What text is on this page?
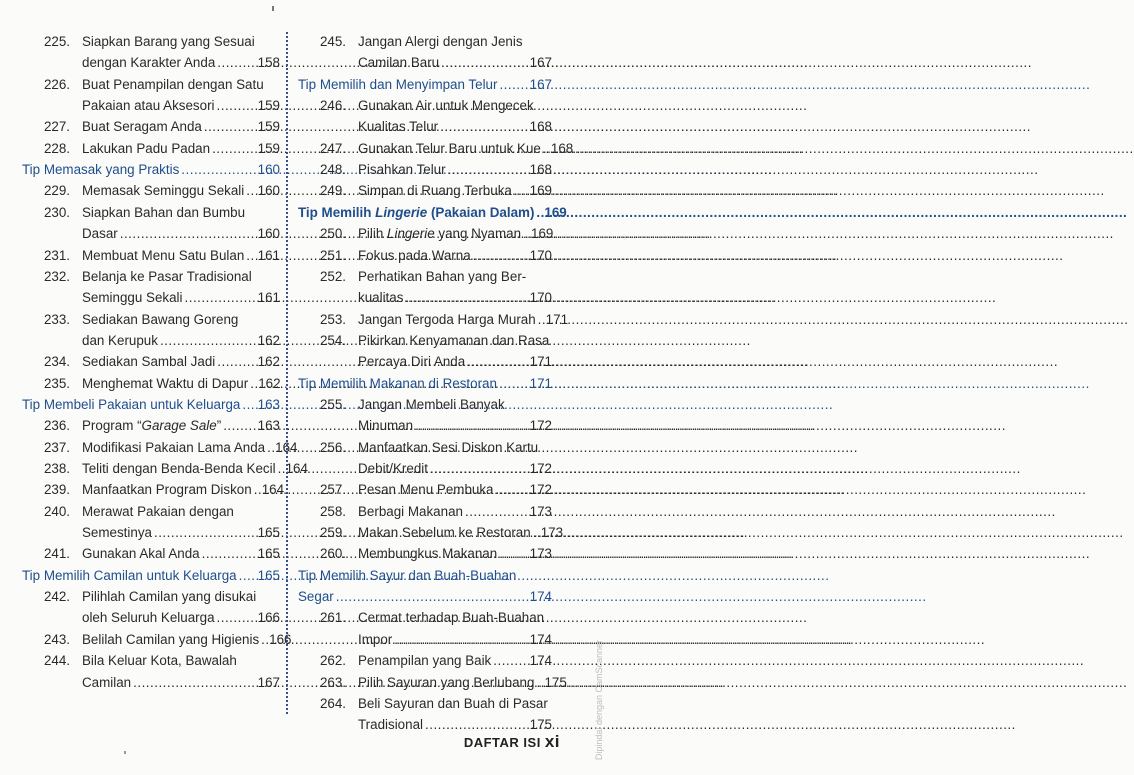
225. Siapkan Barang yang Sesuai
dengan Karakter Anda .....	158
226. Buat Penampilan dengan Satu
Pakaian atau Aksesori .....	159
227. Buat Seragam Anda .....	159
228. Lakukan Padu Padan .....	159
Tip Memasak yang Praktis .....	160
229. Memasak Seminggu Sekali ..... 160
230. Siapkan Bahan dan Bumbu
Dasar .....	160
231. Membuat Menu Satu Bulan ..... 161
232. Belanja ke Pasar Tradisional
Seminggu Sekali .....	161
233. Sediakan Bawang Goreng
dan Kerupuk .....	162
234. Sediakan Sambal Jadi .....	162
235. Menghemat Waktu di Dapur ..... 162
Tip Membeli Pakaian untuk Keluarga ..... 163
236. Program “Garage Sale” .....	163
237. Modifikasi Pakaian Lama Anda ..... 164
238. Teliti dengan Benda-Benda Kecil ..... 164
239. Manfaatkan Program Diskon ..... 164
240. Merawat Pakaian dengan
Semestinya .....	165
241. Gunakan Akal Anda .....	165
Tip Memilih Camilan untuk Keluarga ..... 165
242. Pilihlah Camilan yang disukai
oleh Seluruh Keluarga .....	166
243. Belilah Camilan yang Higienis ..... 166
244. Bila Keluar Kota, Bawalah
Camilan .....	167
245. Jangan Alergi dengan Jenis
Camilan Baru .....	167
Tip Memilih dan Menyimpan Telur ..... 167
246. Gunakan Air untuk Mengecek
Kualitas Telur .....	168
247. Gunakan Telur Baru untuk Kue ..... 168
248. Pisahkan Telur .....	168
249. Simpan di Ruang Terbuka ..... 169
Tip Memilih Lingerie (Pakaian Dalam) ..... 169
250. Pilih Lingerie yang Nyaman ..... 169
251. Fokus pada Warna .....	170
252. Perhatikan Bahan yang Ber-
kualitas .....	170
253. Jangan Tergoda Harga Murah ..... 171
254. Pikirkan Kenyamanan dan Rasa
Percaya Diri Anda .....	171
Tip Memilih Makanan di Restoran ..... 171
255. Jangan Membeli Banyak
Minuman .....	172
256. Manfaatkan Sesi Diskon Kartu
Debit/Kredit .....	172
257. Pesan Menu Pembuka .....	172
258. Berbagi Makanan .....	173
259. Makan Sebelum ke Restoran ..... 173
260. Membungkus Makanan ..... 173
Tip Memilih Sayur dan Buah-Buahan
Segar .....	174
261. Cermat terhadap Buah-Buahan
Impor .....	174
262. Penampilan yang Baik .....	174
263. Pilih Sayuran yang Berlubang ..... 175
264. Beli Sayuran dan Buah di Pasar
Tradisional .....	175
DAFTAR ISI xi	Dipindai dengan CamScanner
